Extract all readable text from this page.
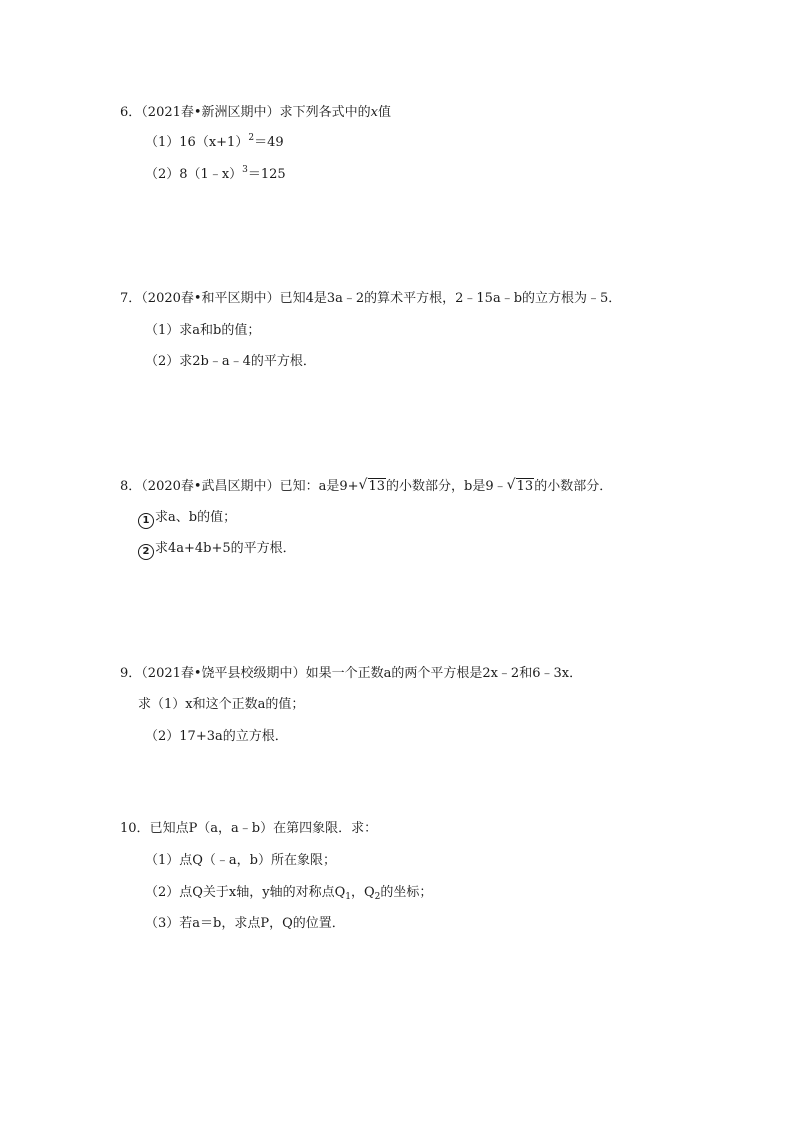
6．（2021春•新洲区期中）求下列各式中的x值
$(1)16(x+1)^2=49$
（2）8（1﹣x）$^3$＝125
7．（2020春•和平区期中）已知4是3a﹣2的算术平方根，2﹣15a﹣b的立方根为﹣5．
（1）求a和b的值；
（2）求2b﹣a﹣4的平方根．
8．（2020春•武昌区期中）已知：a是9+ √ 13的小数部分，b是9﹣ √ 13的小数部分．
1 求a、b的值；
2 求4a+4b+5的平方根．
9．（2021春•饶平县校级期中）如果一个正数a的两个平方根是2x﹣2和6﹣3x．
求（1）x和这个正数a的值；
（2）17+3a的立方根．
10．已知点P（a，a﹣b）在第四象限．求：
（1）点Q（﹣a，b）所在象限；
（2）点Q关于x轴，y轴的对称点$Q_1$，$Q_2$的坐标；
（3）若a＝b，求点P，Q的位置．
